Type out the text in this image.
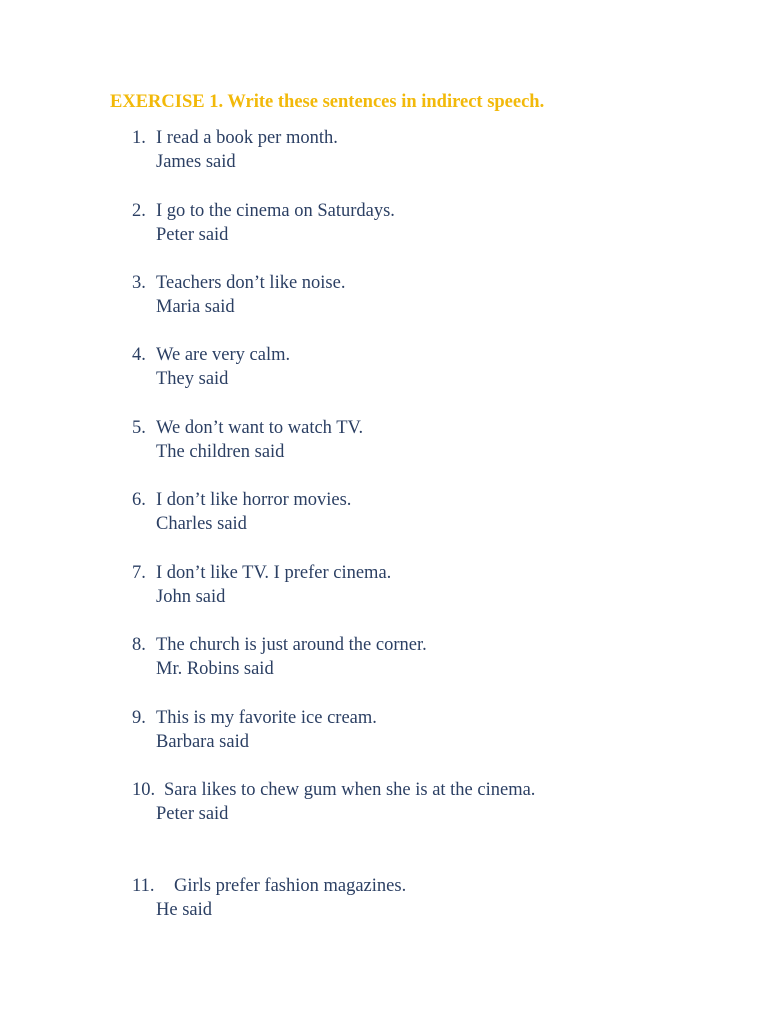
EXERCISE 1. Write these sentences in indirect speech.
1. I read a book per month.
James said
2. I go to the cinema on Saturdays.
Peter said
3. Teachers don’t like noise.
Maria said
4. We are very calm.
They said
5. We don’t want to watch TV.
The children said
6. I don’t like horror movies.
Charles said
7. I don’t like TV. I prefer cinema.
John said
8. The church is just around the corner.
Mr. Robins said
9. This is my favorite ice cream.
Barbara said
10. Sara likes to chew gum when she is at the cinema.
Peter said
11. Girls prefer fashion magazines.
He said
